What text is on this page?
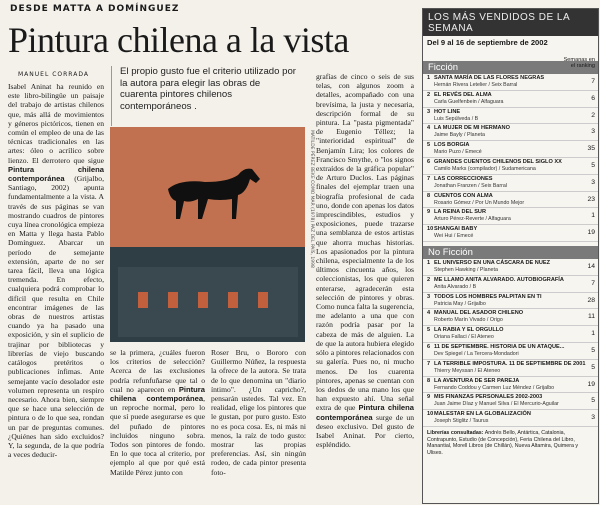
DESDE MATTA A DOMÍNGUEZ
Pintura chilena a la vista
MANUEL CORRADA	El propio gusto fue el criterio utilizado por la autora para elegir las obras de cuarenta pintores chilenos contemporáneos .

Isabel Aninat ha reunido en este libro-bilingüe un paisaje del trabajo de artistas chilenos que, más allá de movimientos y géneros pictóricos, tienen en común el empleo de una de las técnicas tradicionales en las artes: óleo o acrílico sobre lienzo. El derrotero que sigue Pintura chilena contemporánea (Grijalbo, Santiago, 2002) apunta fundamentalmente a la vista. A través de sus páginas se van mostrando cuadros de pintores cuya línea cronológica empieza en Matta y llega hasta Pablo Domínguez. Abarcar un período de semejante extensión, aparte de no ser tarea fácil, lleva una lógica tremenda. En efecto, cualquiera podrá comprobar lo difícil que resulta en Chile encontrar imágenes de las obras de nuestros artistas cuando ya ha pasado una exposición, y sin el suplicio de trajinar por bibliotecas y librerías de viejo buscando catálogos pretéritos o publicaciones ínfimas. Ante semejante vacío desolador este volumen representa un respiro necesario. Ahora bien, siempre que se hace una selección de pintura o de lo que sea, rondan un par de preguntas comunes. ¿Quiénes han sido excluidos? Y, la segunda, de la que podría a veces deducir-

MATILDE PÉREZ BEKE COMO MAR (1978) PAZ DEL PAÍS, 1998

se la primera, ¿cuáles fueron los criterios de selección? Acerca de las exclusiones podría refunfuñarse que tal o cual no aparecen en Pintura chilena contemporánea, un reproche normal, pero lo que sí puede asegurarse es que del puñado de pintores incluidos ninguno sobra. Todos son pintores de fondo. En lo que toca al criterio, por ejemplo al que por qué está Matilde Pérez junto con

Roser Bru, o Bororo con Guillermo Núñez, la respuesta la ofrece de la autora. Se trata de lo que denomina un "diario íntimo". ¿Un capricho?, pensarán ustedes. Tal vez. En realidad, elige los pintores que le gustan, por puro gusto. Esto no es poca cosa. Es, ni más ni menos, la raíz de todo gusto: mostrar las propias preferencias. Así, sin ningún rodeo, de cada pintor presenta foto-

grafías de cinco o seis de sus telas, con algunos zoom a detalles, acompañado con una brevísima, la justa y necesaria, descripción formal de su pintura. La "pasta pigmentada" de Eugenio Téllez; la "interioridad espiritual" de Benjamín Lira; los colores de Francisco Smythe, o "los signos extraídos de la gráfica popular" de Arturo Duclos. Las páginas finales del ejemplar traen una biografía profesional de cada uno, donde con apenas los datos imprescindibles, estudios y exposiciones, puede trazarse una semblanza de estos artistas que ahorra muchas historias. Los apasionados por la pintura chilena, especialmente la de los últimos cincuenta años, los coleccionistas, los que quieren enterarse, agradecerán esta selección de pintores y obras. Como nunca falta la sugerencia, me adelanto a una que con razón podría pasar por la cabeza de más de alguien. La de que la autora hubiera elegido sólo a pintores relacionados con su galería. Pues no, ni mucho menos. De los cuarenta pintores, apenas se cuentan con los dedos de una mano los que han expuesto ahí. Una señal extra de que Pintura chilena contemporánea surge de un deseo exclusivo. Del gusto de Isabel Aninat. Por cierto, espléndido.

LOS MÁS VENDIDOS DE LA SEMANA
Del 9 al 16 de septiembre de 2002
Semanas en el ranking
Ficción
1 SANTA MARÍA DE LAS FLORES NEGRAS
Hernán Rivera Letelier / Seix Barral	7
2 EL REVÉS DEL ALMA
Carla Guelfenbein / Alfaguara	6
3 HOT LINE
Luis Sepúlveda / B	2
4 LA MUJER DE MI HERMANO
Jaime Bayly / Planeta	3
5 LOS BORGIA
Mario Puzo / Emecé	35
6 GRANDES CUENTOS CHILENOS DEL SIGLO XX
Camilo Marks (compilador) / Sudamericana	5
7 LAS CORRECCIONES
Jonathan Franzen / Seix Barral	3
8 CUENTOS CON ALMA
Rosario Gómez / Por Un Mundo Mejor	23
9 LA REINA DEL SUR
Arturo Pérez-Reverte / Alfaguara	1
10SHANGAI BABY
Wei Hui / Emecé	19
No Ficción
1 EL UNIVERSO EN UNA CÁSCARA DE NUEZ
Stephen Hawking / Planeta	14
2 ME LLAMO ANITA ALVARADO. AUTOBIOGRAFÍA
Anita Alvarado / B	7
3 TODOS LOS HOMBRES PALPITAN EN TI
Patricia May / Grijalbo	28
4 MANUAL DEL ASADOR CHILENO
Roberto Marín Vivado / Origo	11
5 LA RABIA Y EL ORGULLO
Oriana Fallaci / El Ateneo	1
6 11 DE SEPTIEMBRE. HISTORIA DE UN ATAQUE...
Dev Spiegel / La Tercera-Mondadori	5
7 LA TERRIBLE IMPOSTURA. 11 DE SEPTIEMBRE DE 2001
Thierry Meyssan / El Ateneo	5
8 LA AVENTURA DE SER PAREJA
Fernando Coddou y Carmen Luz Méndez / Grijalbo	19
9 MIS FINANZAS PERSONALES 2002-2003
Juan Jaime Díaz y Manuel Silva / El Mercurio-Aguilar	5
10MALESTAR EN LA GLOBALIZACIÓN
Joseph Stiglitz / Taurus	3
Librerías consultadas: Andrés Bello, Antártica, Catalonia, Contrapunto, Estudio (de Concepción), Feria Chilena del Libro, Manantial, Morell Libros (de Chillán), Nueva Altamira, Quimera y Ulises.
